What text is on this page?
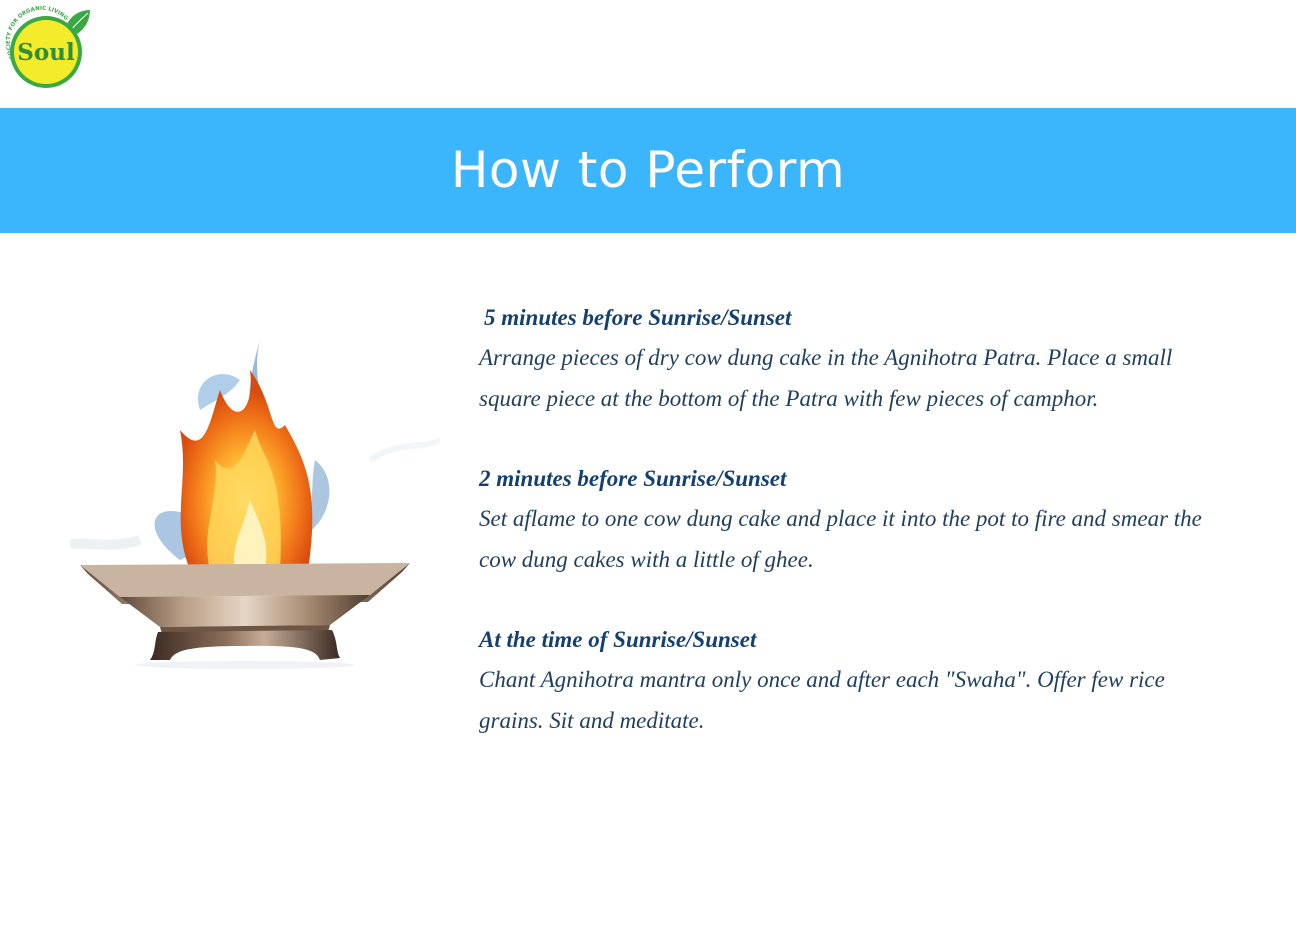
SOCIETY FOR ORGANIC LIVING
Soul
How to Perform
5 minutes before Sunrise/Sunset
Arrange pieces of dry cow dung cake in the Agnihotra Patra. Place a small square piece at the bottom of the Patra with few pieces of camphor.
2 minutes before Sunrise/Sunset
Set aflame to one cow dung cake and place it into the pot to fire and smear the cow dung cakes with a little of ghee.
At the time of Sunrise/Sunset
Chant Agnihotra mantra only once and after each "Swaha". Offer few rice grains. Sit and meditate.
